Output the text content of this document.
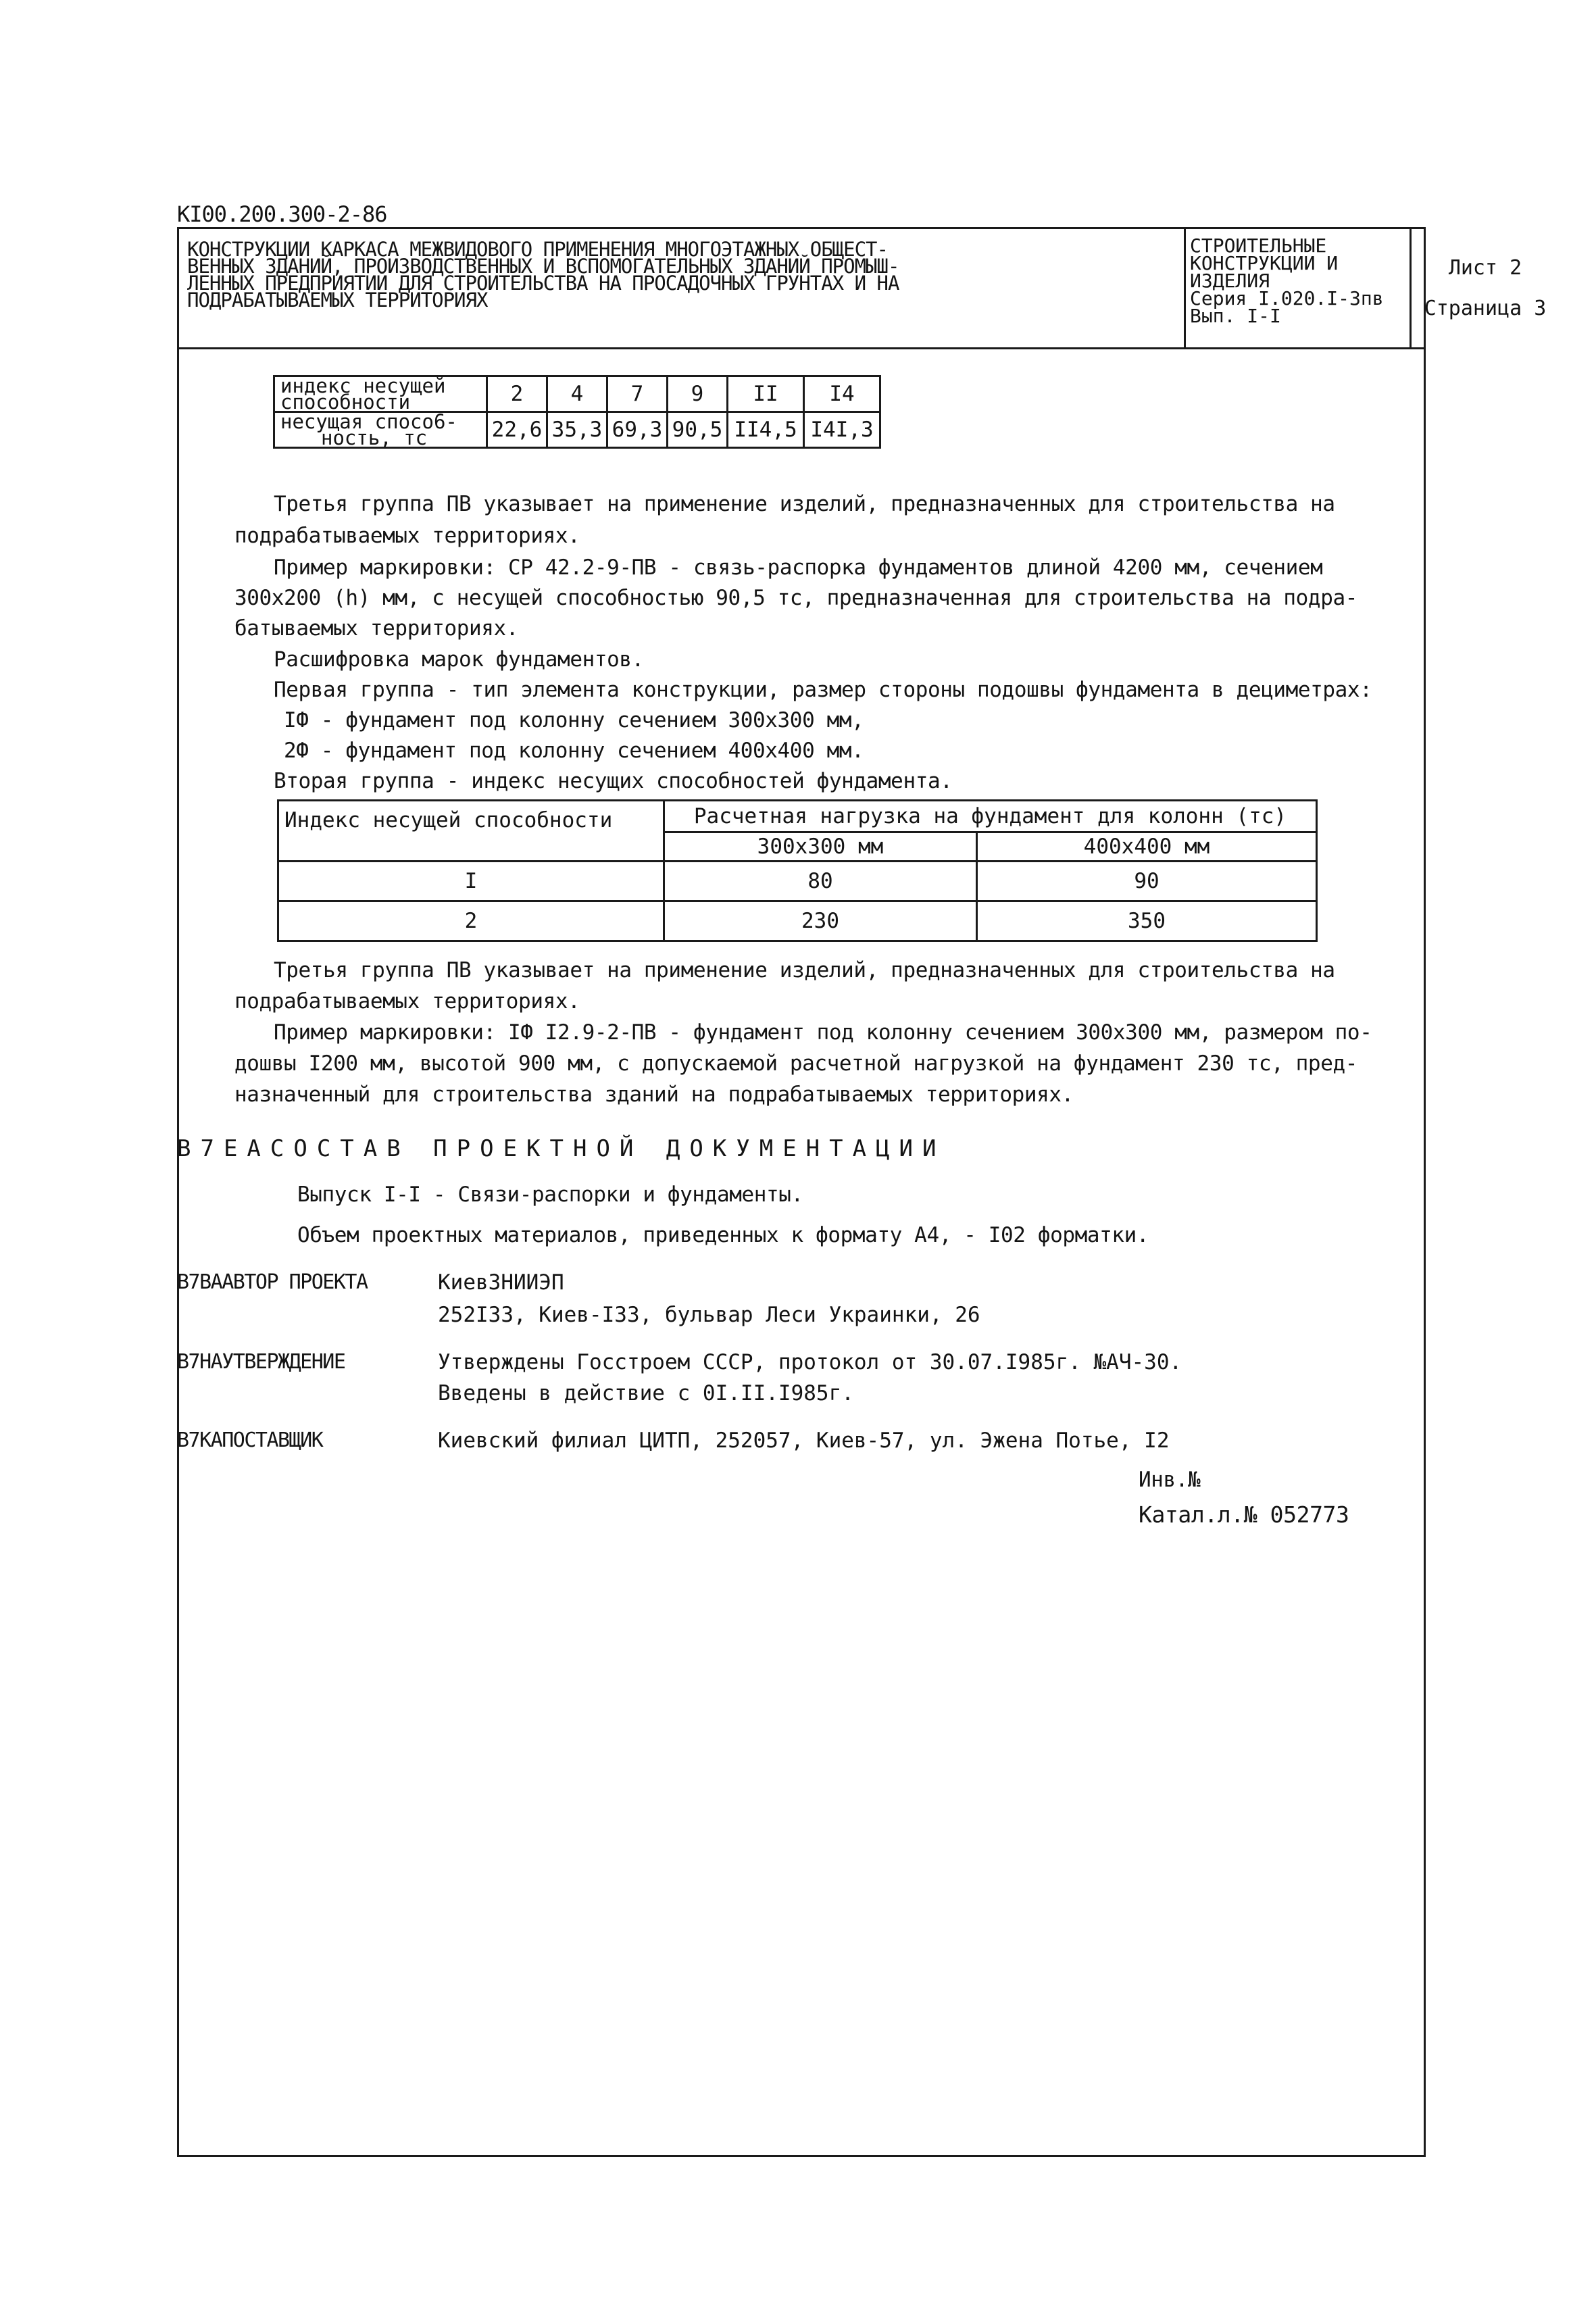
КI00.200.300-2-86
КОНСТРУКЦИИ КАРКАСА МЕЖВИДОВОГО ПРИМЕНЕНИЯ МНОГОЭТАЖНЫХ ОБЩЕСТ-
ВЕННЫХ ЗДАНИЙ, ПРОИЗВОДСТВЕННЫХ И ВСПОМОГАТЕЛЬНЫХ ЗДАНИЙ ПРОМЫШ-
ЛЕННЫХ ПРЕДПРИЯТИЙ ДЛЯ СТРОИТЕЛЬСТВА НА ПРОСАДОЧНЫХ ГРУНТАХ И НА
ПОДРАБАТЫВАЕМЫХ ТЕРРИТОРИЯХ
СТРОИТЕЛЬНЫЕ
КОНСТРУКЦИИ И
ИЗДЕЛИЯ
Серия I.020.I-3пв
Вып. I-I
Лист 2
Страница 3
индекс несущей способности	2	4	7	9	II	I4

несущая спосо6-
ность, тс	22,6	35,3	69,3	90,5	II4,5	I4I,3
Третья группа ПВ указывает на применение изделий, предназначенных для строительства на
подрабатываемых территориях.
Пример маркировки: СР 42.2-9-ПВ - связь-распорка фундаментов длиной 4200 мм, сечением
300х200 (h) мм, с несущей способностью 90,5 тс, предназначенная для строительства на подра-
батываемых территориях.
Расшифровка марок фундаментов.
Первая группа - тип элемента конструкции, размер стороны подошвы фундамента в дециметрах:
IФ - фундамент под колонну сечением 300х300 мм,
2Ф - фундамент под колонну сечением 400х400 мм.
Вторая группа - индекс несущих способностей фундамента.
Индекс несущей способности	Расчетная нагрузка на фундамент для колонн (тс)	
	300х300 мм	400х400 мм
I	80	90
2	230	350
Третья группа ПВ указывает на применение изделий, предназначенных для строительства на
подрабатываемых территориях.
Пример маркировки: IФ I2.9-2-ПВ - фундамент под колонну сечением 300х300 мм, размером по-
дошвы I200 мм, высотой 900 мм, с допускаемой расчетной нагрузкой на фундамент 230 тс, пред-
назначенный для строительства зданий на подрабатываемых территориях.
В7ЕАСОСТАВ ПРОЕКТНОЙ ДОКУМЕНТАЦИИ
Выпуск I-I - Связи-распорки и фундаменты.
Объем проектных материалов, приведенных к формату А4, - I02 форматки.
В7ВААВТОР ПРОЕКТА	КиевЗНИИЭП
252I33, Киев-I33, бульвар Леси Украинки, 26
В7НАУТВЕРЖДЕНИЕ	Утверждены Госстроем СССР, протокол от 30.07.I985г. №АЧ-30.
Введены в действие с 0I.II.I985г.
В7КАПОСТАВЩИК	Киевский филиал ЦИТП, 252057, Киев-57, ул. Эжена Потье, I2
Инв.№
Катал.л.№ 052773
